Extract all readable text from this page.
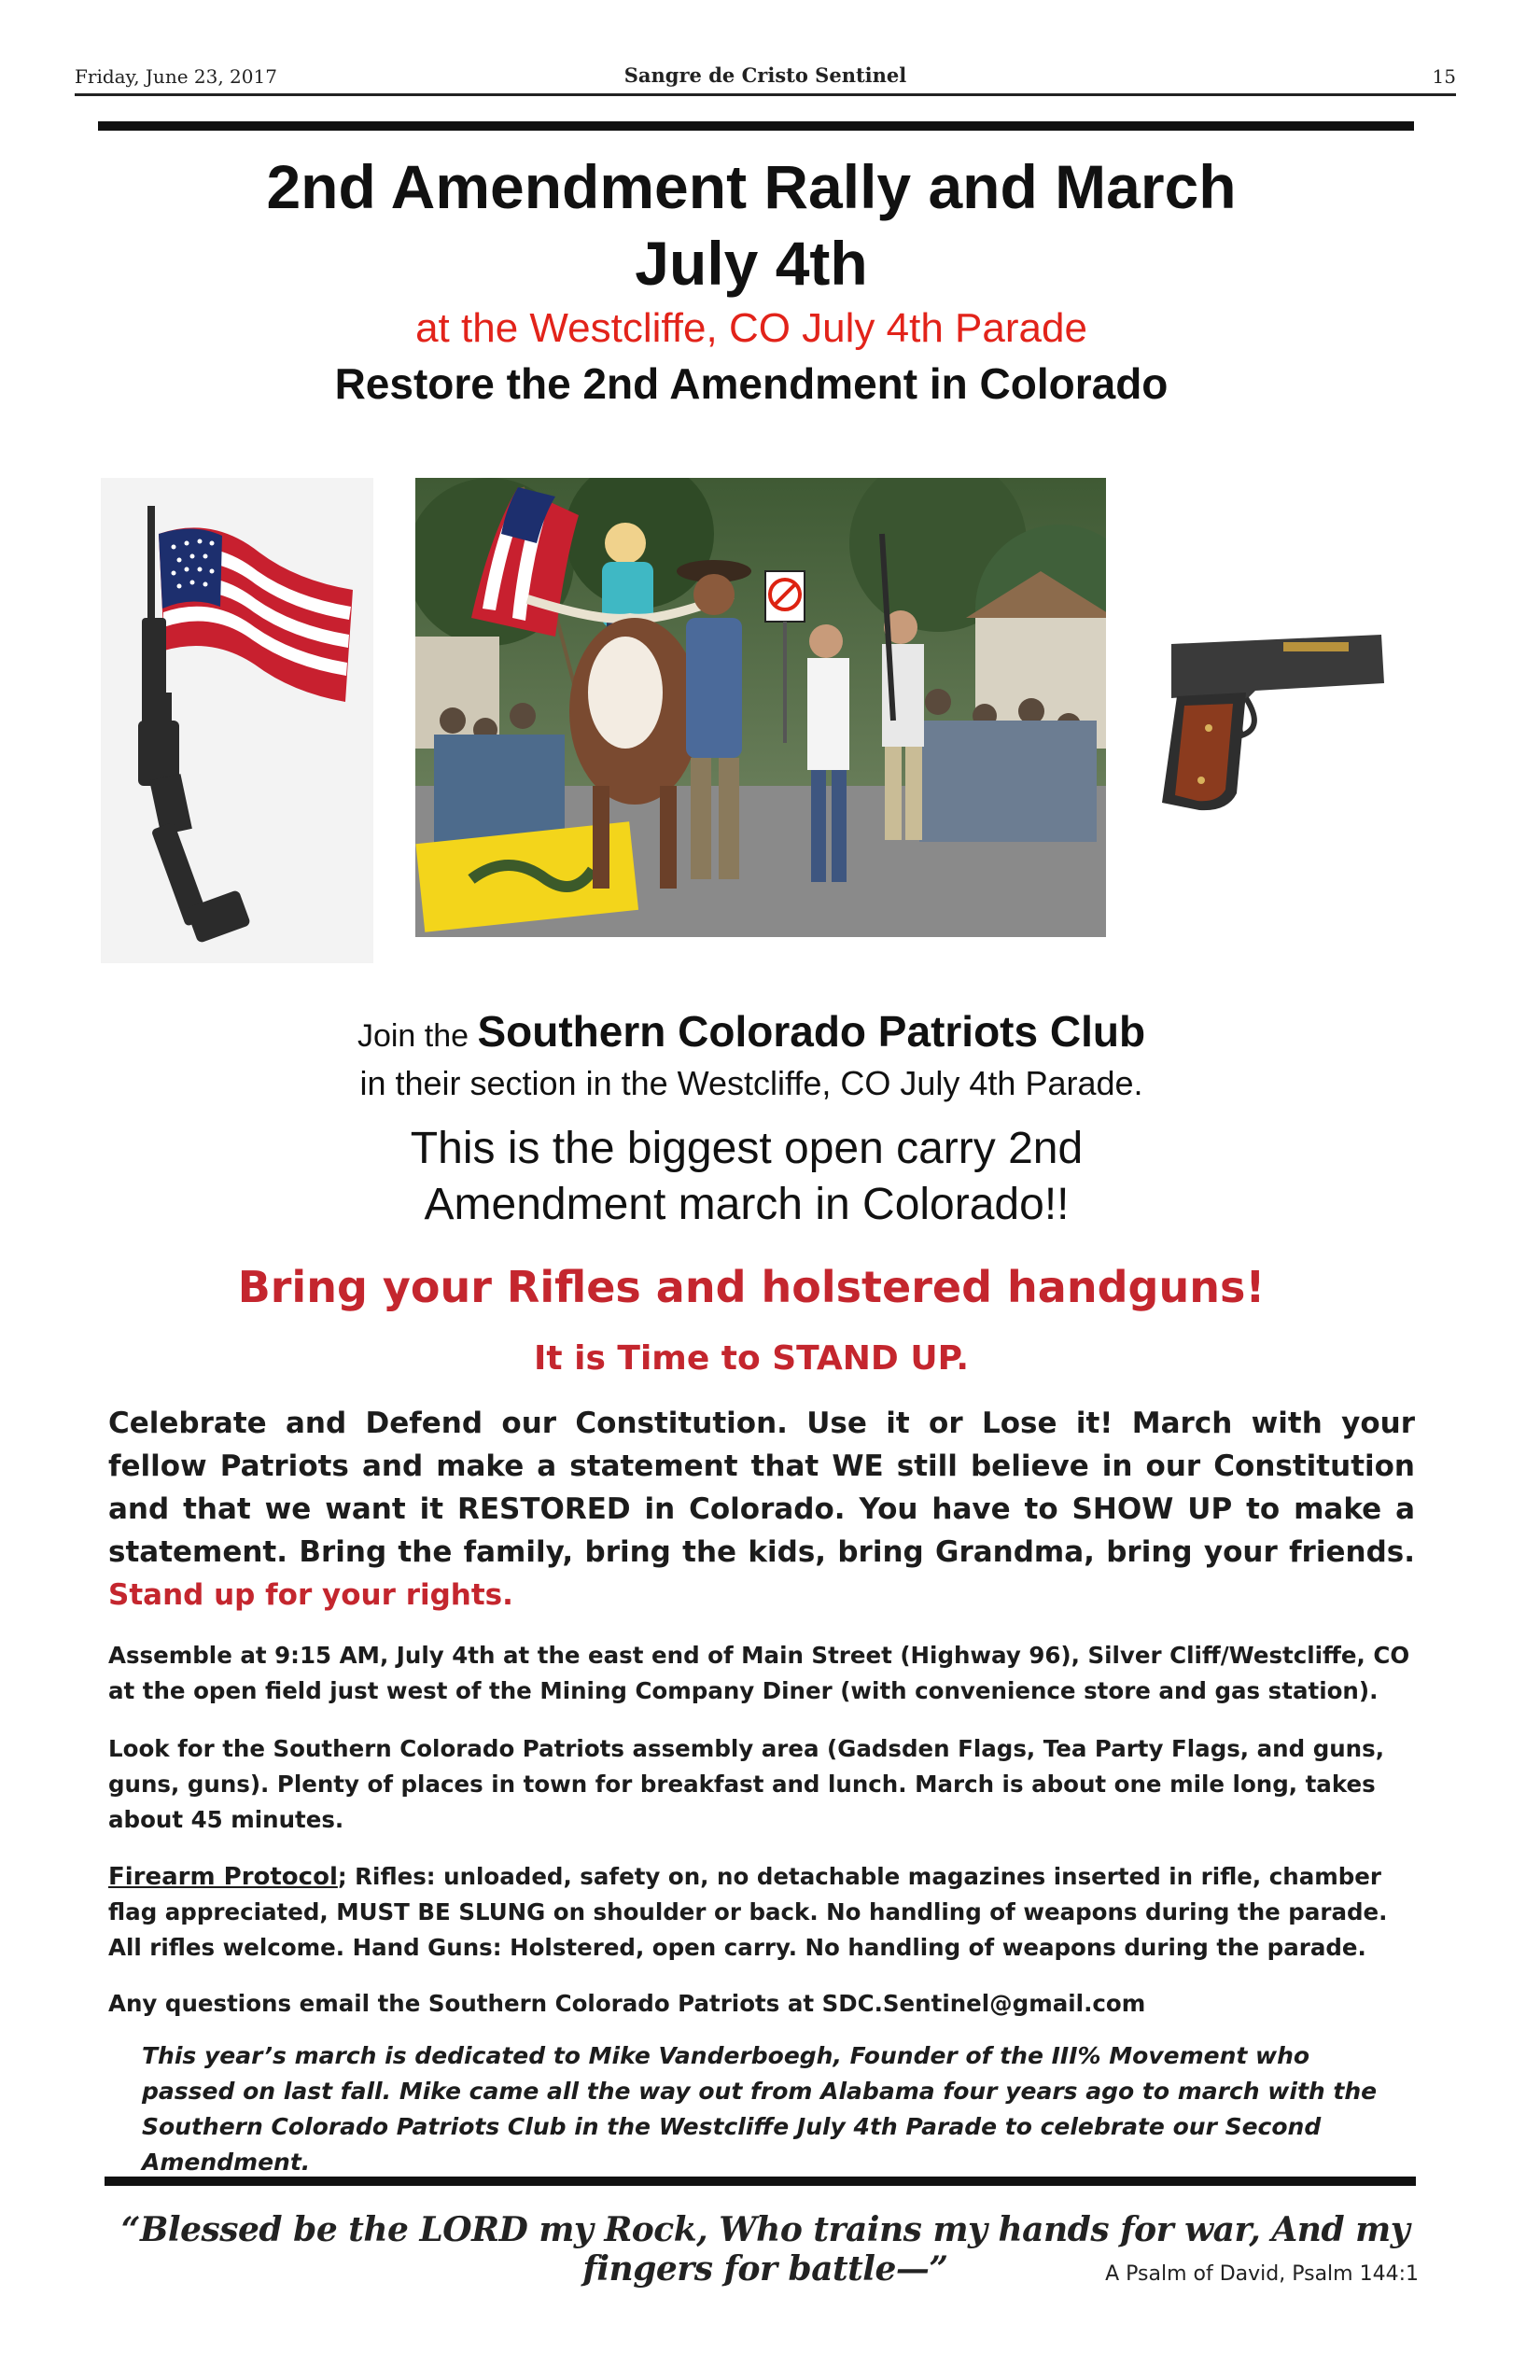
Friday, June 23, 2017	Sangre de Cristo Sentinel	15
2nd Amendment Rally and March
July 4th
at the Westcliffe, CO July 4th Parade
Restore the 2nd Amendment in Colorado
Join the Southern Colorado Patriots Club
in their section in the Westcliffe, CO July 4th Parade.
This is the biggest open carry 2nd
Amendment march in Colorado!!
Bring your Rifles and holstered handguns!
It is Time to STAND UP.
Celebrate and Defend our Constitution. Use it or Lose it! March with your fellow Patriots and make a statement that WE still believe in our Constitution and that we want it RESTORED in Colorado. You have to SHOW UP to make a statement. Bring the family, bring the kids, bring Grandma, bring your friends. Stand up for your rights.
Assemble at 9:15 AM, July 4th at the east end of Main Street (Highway 96), Silver Cliff/Westcliffe, CO at the open field just west of the Mining Company Diner (with convenience store and gas station).
Look for the Southern Colorado Patriots assembly area (Gadsden Flags, Tea Party Flags, and guns, guns, guns). Plenty of places in town for breakfast and lunch. March is about one mile long, takes about 45 minutes.
Firearm Protocol; Rifles: unloaded, safety on, no detachable magazines inserted in rifle, chamber flag appreciated, MUST BE SLUNG on shoulder or back. No handling of weapons during the parade. All rifles welcome. Hand Guns: Holstered, open carry. No handling of weapons during the parade.
Any questions email the Southern Colorado Patriots at SDC.Sentinel@gmail.com
This year’s march is dedicated to Mike Vanderboegh, Founder of the III% Movement who passed on last fall. Mike came all the way out from Alabama four years ago to march with the Southern Colorado Patriots Club in the Westcliffe July 4th Parade to celebrate our Second Amendment.
“Blessed be the LORD my Rock, Who trains my hands for war, And my fingers for battle—”	A Psalm of David, Psalm 144:1
